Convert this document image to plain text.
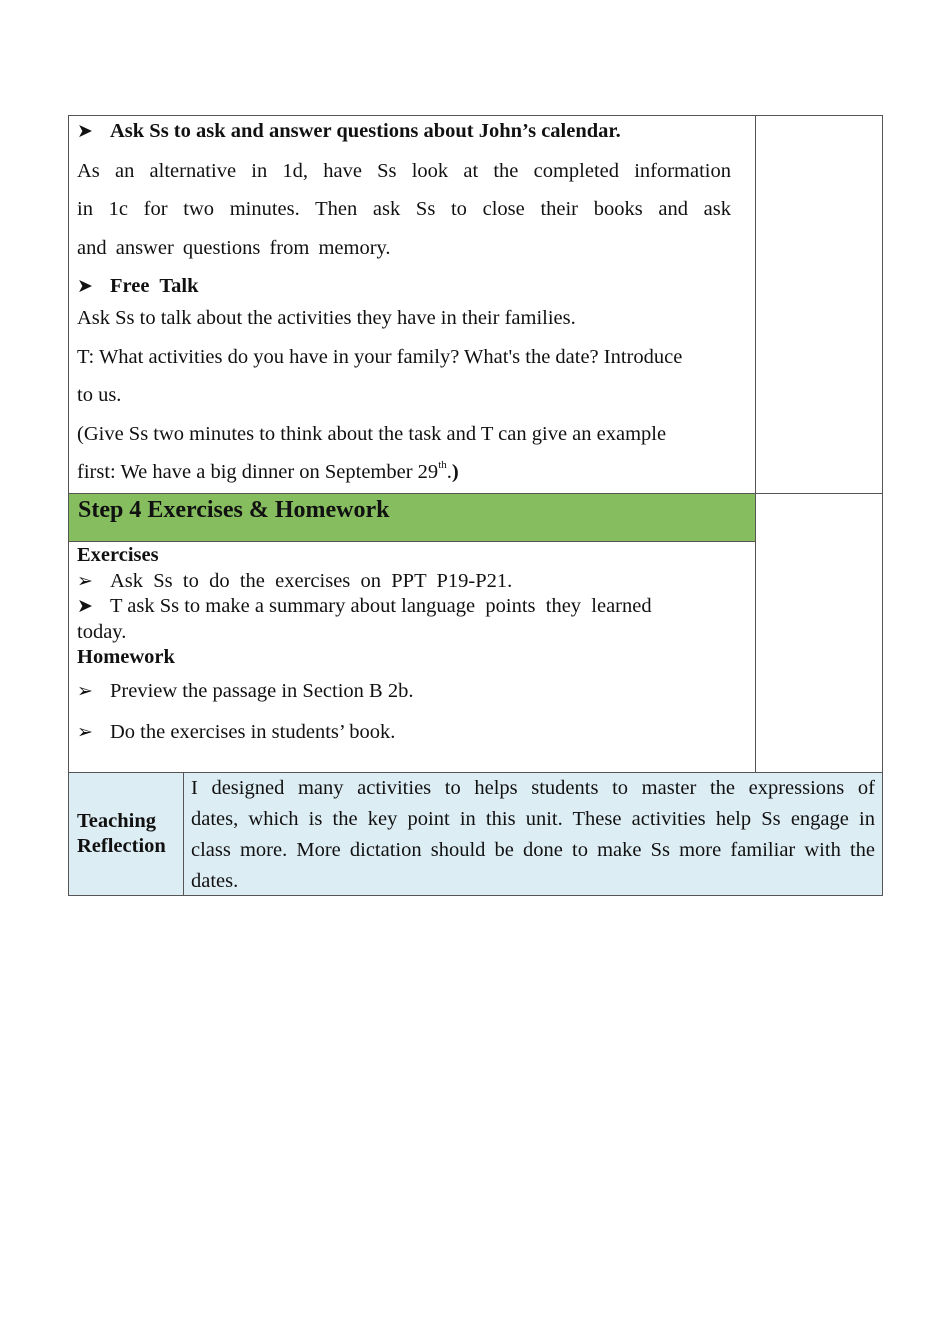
➤ Ask Ss to ask and answer questions about John’s calendar.
As an alternative in 1d, have Ss look at the completed information
in 1c for two minutes. Then ask Ss to close their books and ask
and answer questions from memory.
➤ Free  Talk
Ask Ss to talk about the activities they have in their families.
T: What activities do you have in your family? What's the date? Introduce
to us.
(Give Ss two minutes to think about the task and T can give an example
first: We have a big dinner on September 29th.)
Step 4 Exercises & Homework
Exercises
➢ Ask  Ss  to  do  the  exercises  on  PPT  P19-P21.
➤ T ask Ss to make a summary about language  points  they  learned
today.
Homework
➢ Preview the passage in Section B 2b.
➢ Do the exercises in students’ book.
Teaching
Reflection
I designed many activities to helps students to master the expressions of
dates, which is the key point in this unit. These activities help Ss engage in
class more. More dictation should be done to make Ss more familiar with the
dates.
